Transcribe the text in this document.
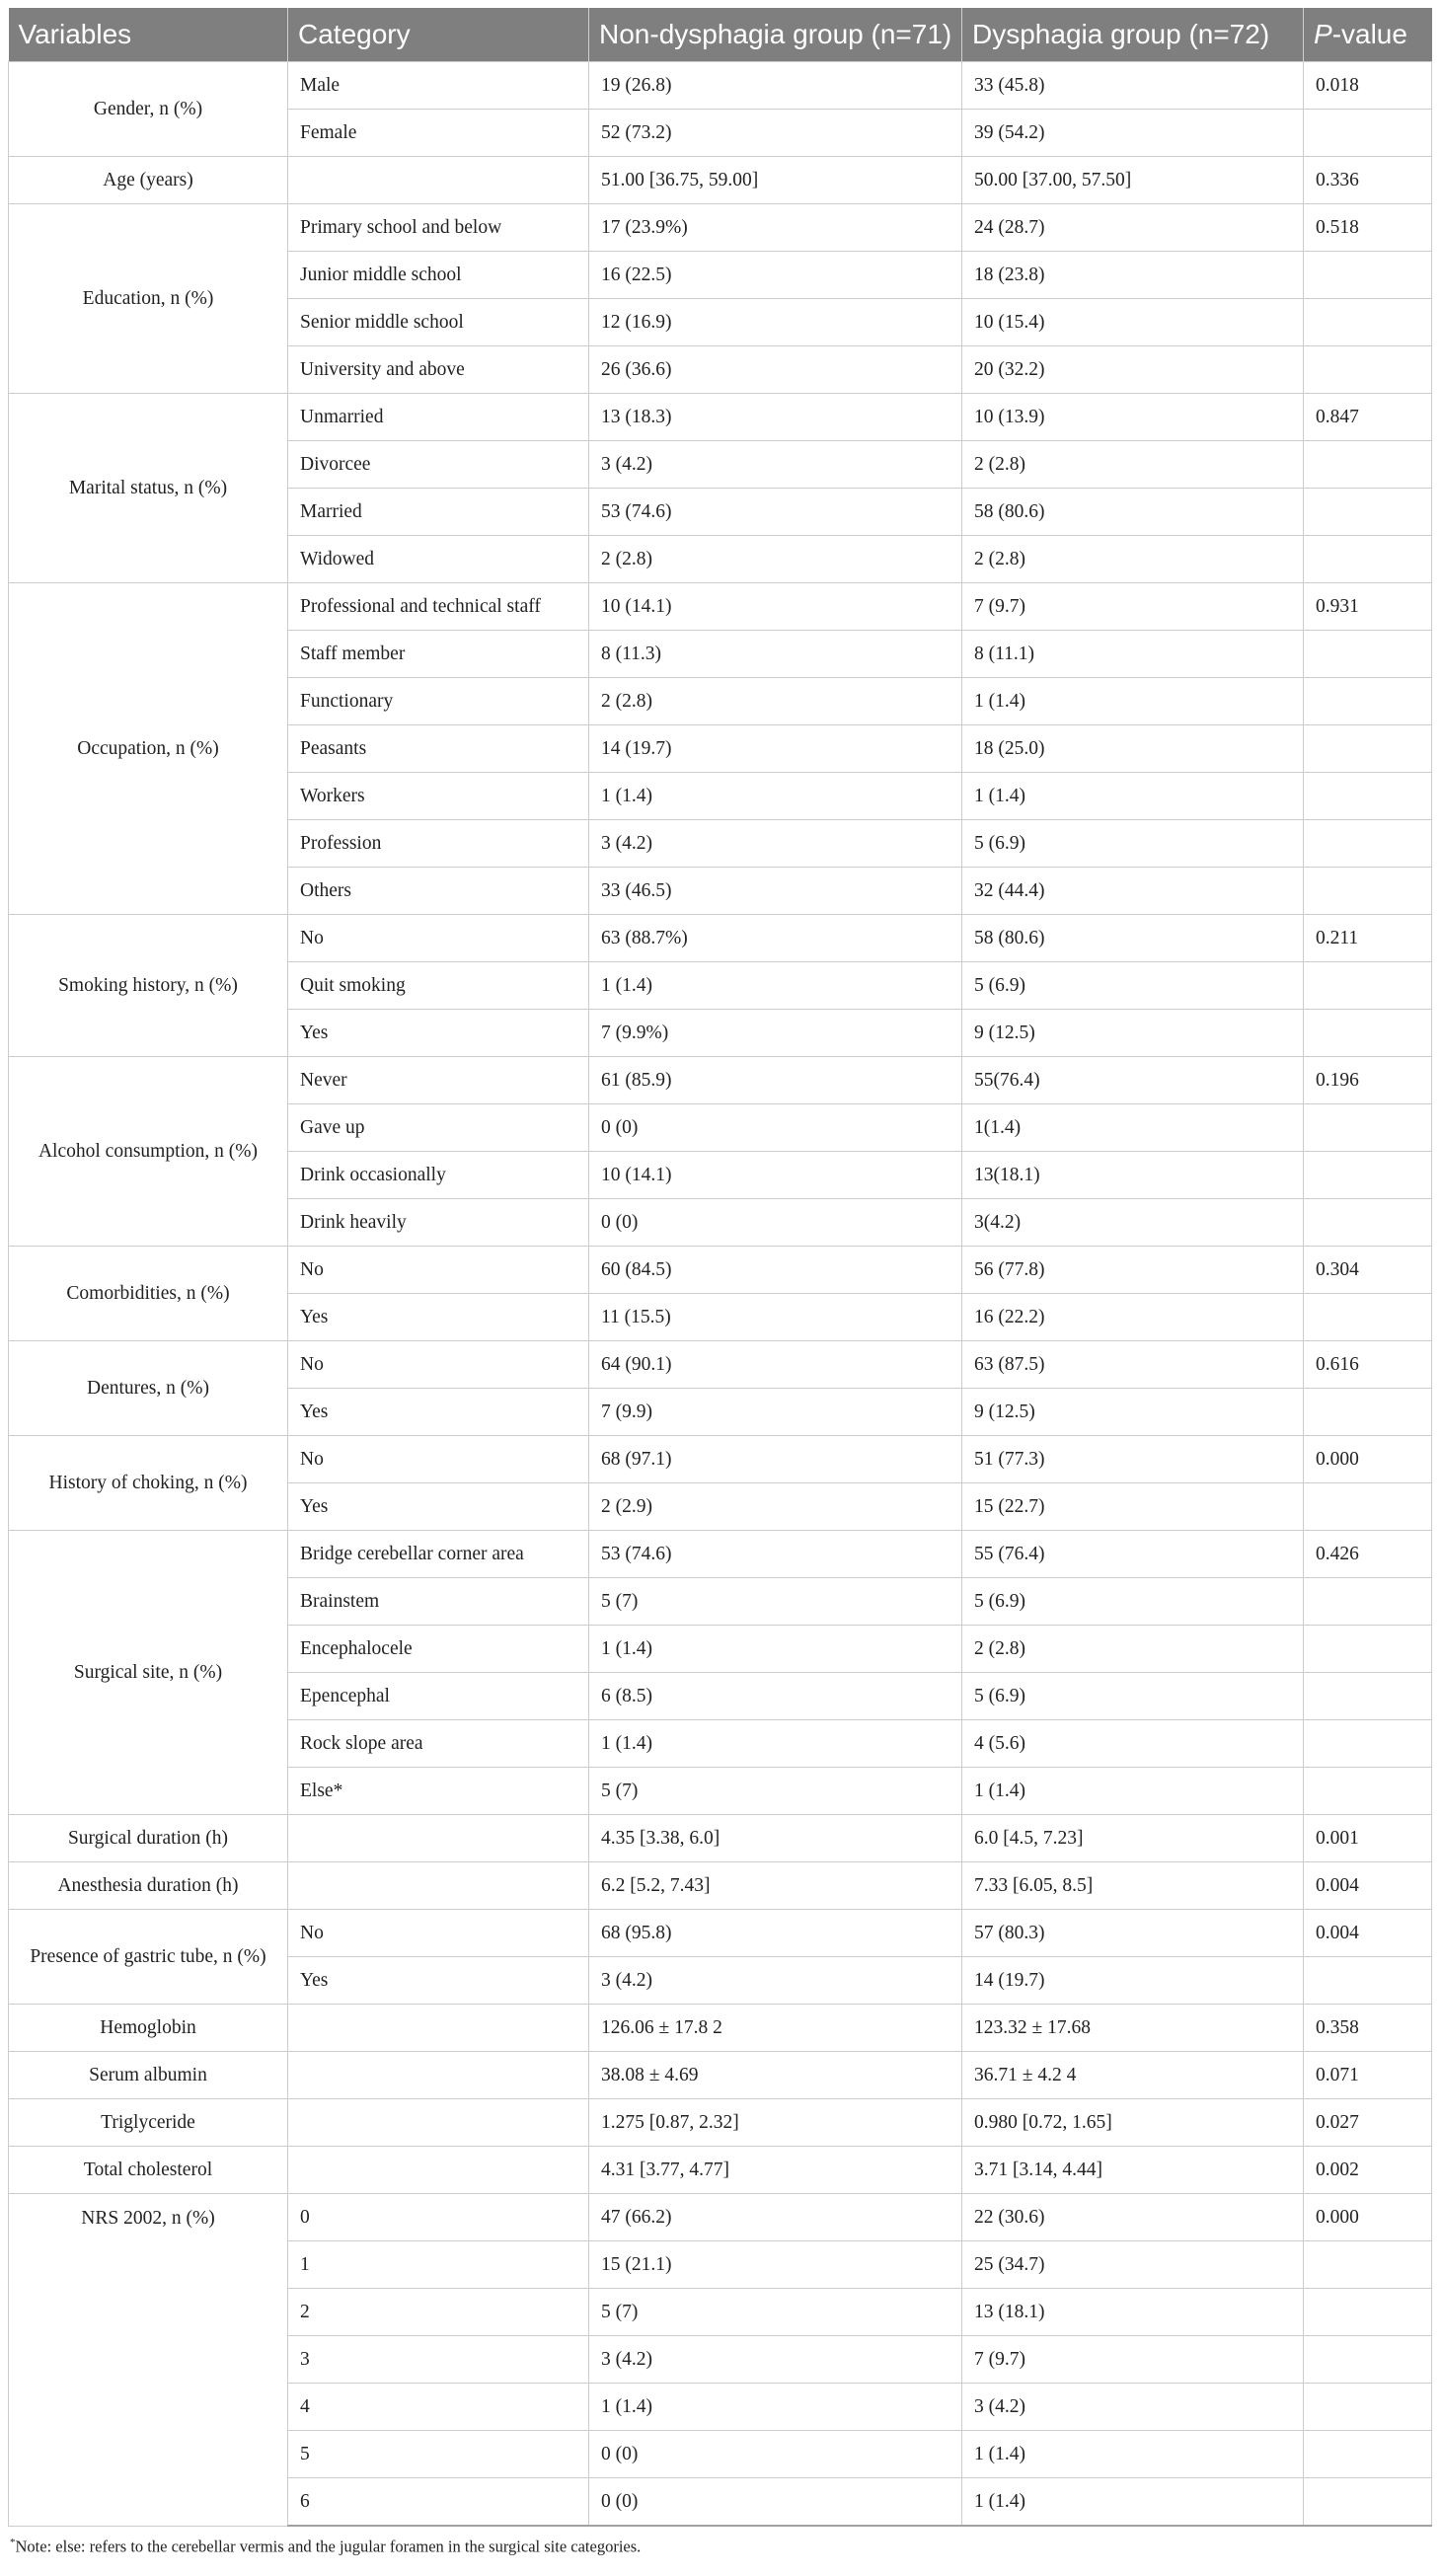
Variables	Category	Non-dysphagia group (n=71)	Dysphagia group (n=72)	P-value
Gender, n (%)	Male	19 (26.8)	33 (45.8)	0.018
	Female	52 (73.2)	39 (54.2)	
Age (years)		51.00 [36.75, 59.00]	50.00 [37.00, 57.50]	0.336
Education, n (%)	Primary school and below	17 (23.9%)	24 (28.7)	0.518
	Junior middle school	16 (22.5)	18 (23.8)	
	Senior middle school	12 (16.9)	10 (15.4)	
	University and above	26 (36.6)	20 (32.2)	
Marital status, n (%)	Unmarried	13 (18.3)	10 (13.9)	0.847
	Divorcee	3 (4.2)	2 (2.8)	
	Married	53 (74.6)	58 (80.6)	
	Widowed	2 (2.8)	2 (2.8)	
Occupation, n (%)	Professional and technical staff	10 (14.1)	7 (9.7)	0.931
	Staff member	8 (11.3)	8 (11.1)	
	Functionary	2 (2.8)	1 (1.4)	
	Peasants	14 (19.7)	18 (25.0)	
	Workers	1 (1.4)	1 (1.4)	
	Profession	3 (4.2)	5 (6.9)	
	Others	33 (46.5)	32 (44.4)	
Smoking history, n (%)	No	63 (88.7%)	58 (80.6)	0.211
	Quit smoking	1 (1.4)	5 (6.9)	
	Yes	7 (9.9%)	9 (12.5)	
Alcohol consumption, n (%)	Never	61 (85.9)	55(76.4)	0.196
	Gave up	0 (0)	1(1.4)	
	Drink occasionally	10 (14.1)	13(18.1)	
	Drink heavily	0 (0)	3(4.2)	
Comorbidities, n (%)	No	60 (84.5)	56 (77.8)	0.304
	Yes	11 (15.5)	16 (22.2)	
Dentures, n (%)	No	64 (90.1)	63 (87.5)	0.616
	Yes	7 (9.9)	9 (12.5)	
History of choking, n (%)	No	68 (97.1)	51 (77.3)	0.000
	Yes	2 (2.9)	15 (22.7)	
Surgical site, n (%)	Bridge cerebellar corner area	53 (74.6)	55 (76.4)	0.426
	Brainstem	5 (7)	5 (6.9)	
	Encephalocele	1 (1.4)	2 (2.8)	
	Epencephal	6 (8.5)	5 (6.9)	
	Rock slope area	1 (1.4)	4 (5.6)	
	Else*	5 (7)	1 (1.4)	
Surgical duration (h)		4.35 [3.38, 6.0]	6.0 [4.5, 7.23]	0.001
Anesthesia duration (h)		6.2 [5.2, 7.43]	7.33 [6.05, 8.5]	0.004
Presence of gastric tube, n (%)	No	68 (95.8)	57 (80.3)	0.004
	Yes	3 (4.2)	14 (19.7)	
Hemoglobin		126.06 ± 17.8 2	123.32 ± 17.68	0.358
Serum albumin		38.08 ± 4.69	36.71 ± 4.2 4	0.071
Triglyceride		1.275 [0.87, 2.32]	0.980 [0.72, 1.65]	0.027
Total cholesterol		4.31 [3.77, 4.77]	3.71 [3.14, 4.44]	0.002
NRS 2002, n (%)	0	47 (66.2)	22 (30.6)	0.000
	1	15 (21.1)	25 (34.7)	
	2	5 (7)	13 (18.1)	
	3	3 (4.2)	7 (9.7)	
	4	1 (1.4)	3 (4.2)	
	5	0 (0)	1 (1.4)	
	6	0 (0)	1 (1.4)	
*Note: else: refers to the cerebellar vermis and the jugular foramen in the surgical site categories.
